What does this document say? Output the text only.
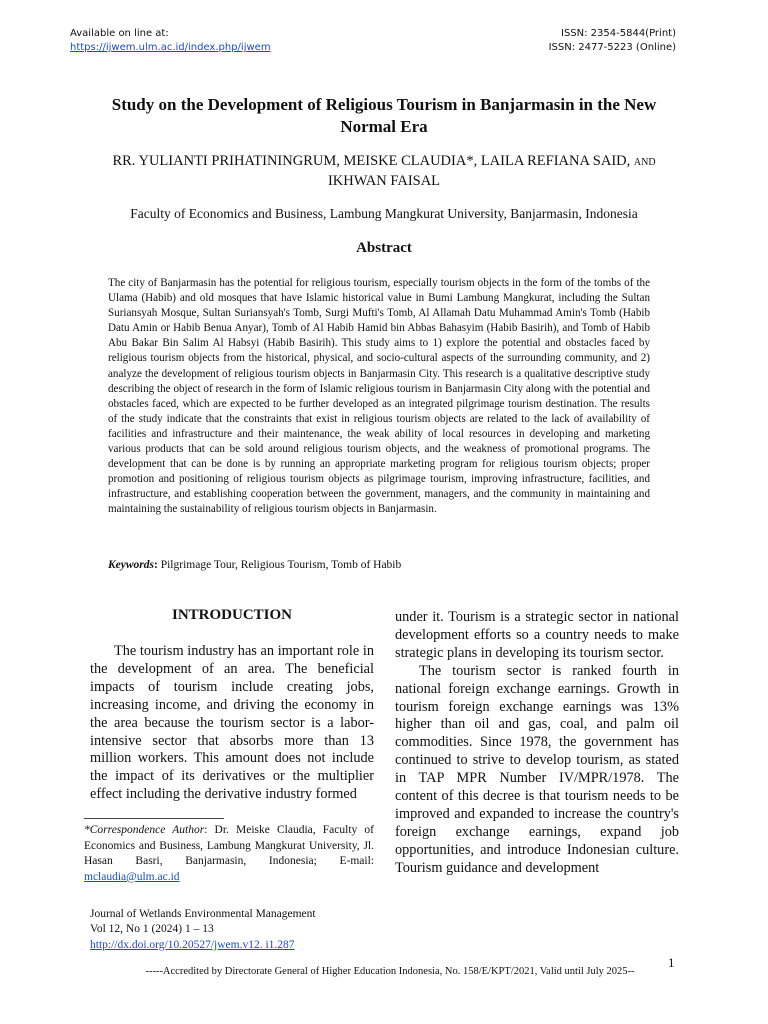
Available on line at:
https://ijwem.ulm.ac.id/index.php/ijwem
ISSN: 2354-5844(Print)
ISSN: 2477-5223 (Online)
Study on the Development of Religious Tourism in Banjarmasin in the New
Normal Era
RR. YULIANTI PRIHATININGRUM, MEISKE CLAUDIA*, LAILA REFIANA SAID, AND
IKHWAN FAISAL
Faculty of Economics and Business, Lambung Mangkurat University, Banjarmasin, Indonesia
Abstract
The city of Banjarmasin has the potential for religious tourism, especially tourism objects in the form of the tombs of the Ulama (Habib) and old mosques that have Islamic historical value in Bumi Lambung Mangkurat, including the Sultan Suriansyah Mosque, Sultan Suriansyah's Tomb, Surgi Mufti's Tomb, Al Allamah Datu Muhammad Amin's Tomb (Habib Datu Amin or Habib Benua Anyar), Tomb of Al Habib Hamid bin Abbas Bahasyim (Habib Basirih), and Tomb of Habib Abu Bakar Bin Salim Al Habsyi (Habib Basirih). This study aims to 1) explore the potential and obstacles faced by religious tourism objects from the historical, physical, and socio-cultural aspects of the surrounding community, and 2) analyze the development of religious tourism objects in Banjarmasin City. This research is a qualitative descriptive study describing the object of research in the form of Islamic religious tourism in Banjarmasin City along with the potential and obstacles faced, which are expected to be further developed as an integrated pilgrimage tourism destination. The results of the study indicate that the constraints that exist in religious tourism objects are related to the lack of availability of facilities and infrastructure and their maintenance, the weak ability of local resources in developing and marketing various products that can be sold around religious tourism objects, and the weakness of promotional programs. The development that can be done is by running an appropriate marketing program for religious tourism objects; proper promotion and positioning of religious tourism objects as pilgrimage tourism, improving infrastructure, facilities, and infrastructure, and establishing cooperation between the government, managers, and the community in maintaining and maintaining the sustainability of religious tourism objects in Banjarmasin.
Keywords: Pilgrimage Tour, Religious Tourism, Tomb of Habib
INTRODUCTION

The tourism industry has an important role in the development of an area. The beneficial impacts of tourism include creating jobs, increasing income, and driving the economy in the area because the tourism sector is a labor-intensive sector that absorbs more than 13 million workers. This amount does not include the impact of its derivatives or the multiplier effect including the derivative industry formed

*Correspondence Author: Dr. Meiske Claudia, Faculty of Economics and Business, Lambung Mangkurat University, Jl. Hasan Basri, Banjarmasin, Indonesia; E-mail: mclaudia@ulm.ac.id
Journal of Wetlands Environmental Management
Vol 12, No 1 (2024) 1 – 13
http://dx.doi.org/10.20527/jwem.v12. i1.287

under it. Tourism is a strategic sector in national development efforts so a country needs to make strategic plans in developing its tourism sector.

The tourism sector is ranked fourth in national foreign exchange earnings. Growth in tourism foreign exchange earnings was 13% higher than oil and gas, coal, and palm oil commodities. Since 1978, the government has continued to strive to develop tourism, as stated in TAP MPR Number IV/MPR/1978. The content of this decree is that tourism needs to be improved and expanded to increase the country's foreign exchange earnings, expand job opportunities, and introduce Indonesian culture. Tourism guidance and development

1
-----Accredited by Directorate General of Higher Education Indonesia, No. 158/E/KPT/2021, Valid until July 2025--
